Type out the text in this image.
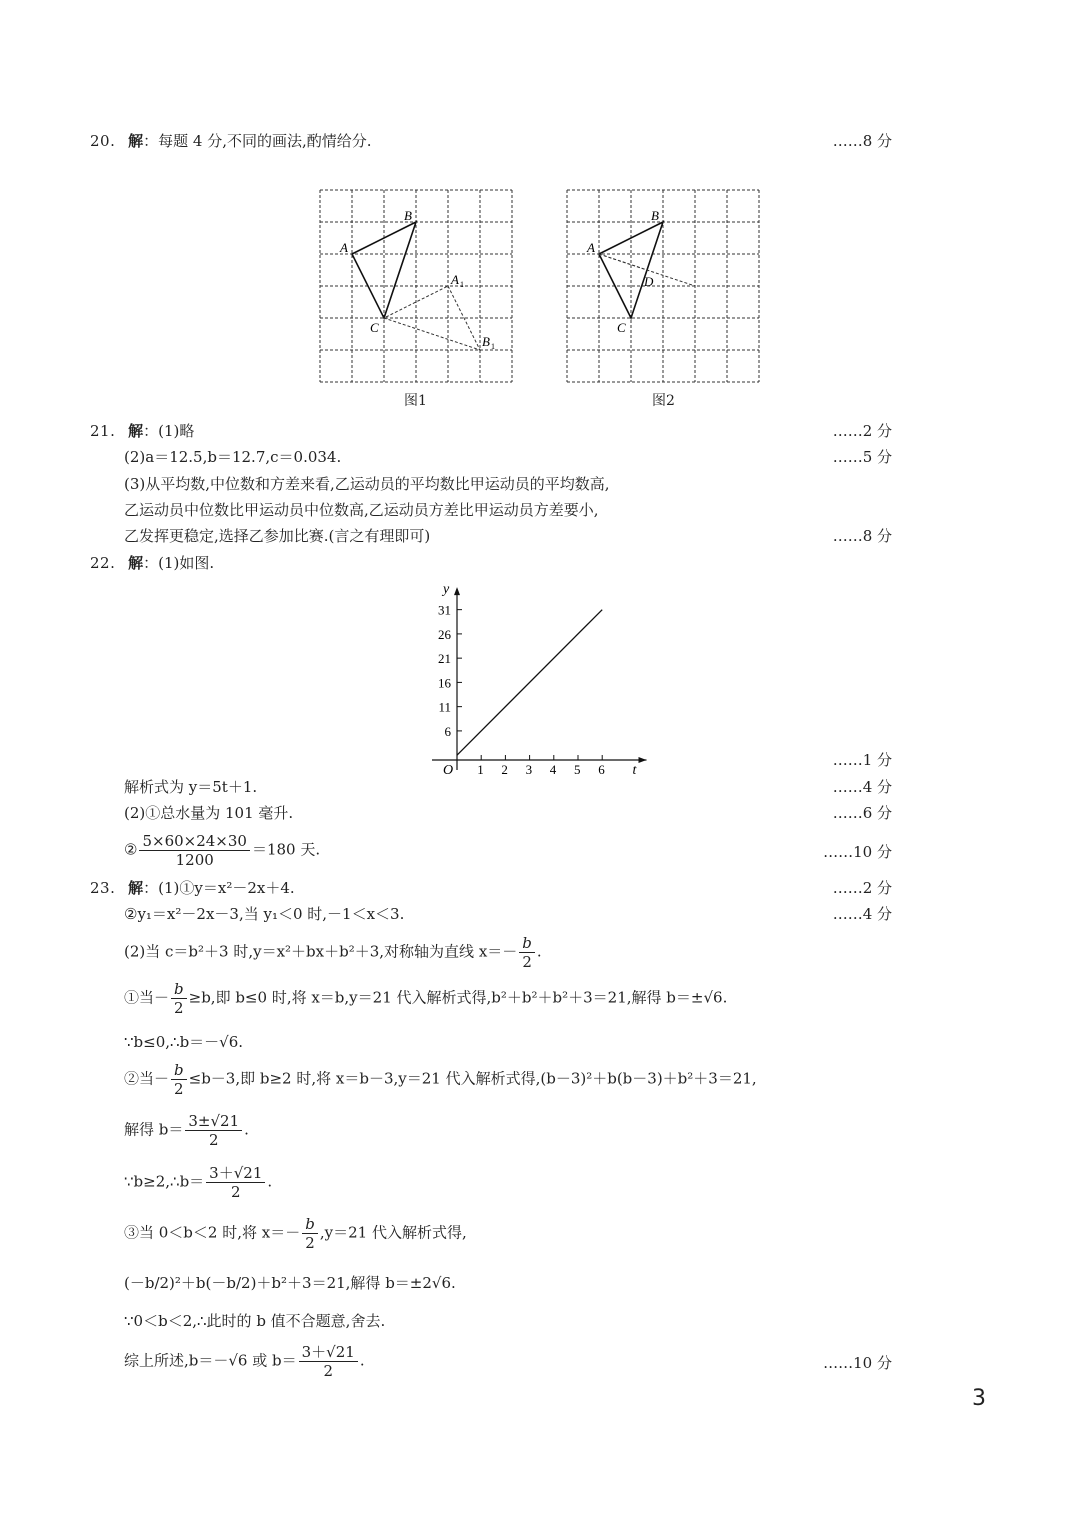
20. 解：每题 4 分,不同的画法,酌情给分.	……8 分
A
B
C
A 1
B 1
图1
A
B
C
D
图2
21. 解：(1)略	……2 分
(2)a＝12.5,b＝12.7,c＝0.034.	……5 分
(3)从平均数,中位数和方差来看,乙运动员的平均数比甲运动员的平均数高,
乙运动员中位数比甲运动员中位数高,乙运动员方差比甲运动员方差要小,
乙发挥更稳定,选择乙参加比赛.(言之有理即可)	……8 分
22. 解：(1)如图.
1 2 3 4 5 6
6
11
16
21
26
31
O	t
y
……1 分
解析式为 y＝5t＋1.	……4 分
(2)①总水量为 101 毫升.	……6 分
② $\frac{5\times 60\times 24\times 30}{1200} =180$ 天.	……10 分
23. 解：(1)①y＝x²－2x＋4.	……2 分
②y₁＝x²－2x－3,当 y₁＜0 时,－1＜x＜3.	……4 分
(2)当 c＝b²＋3 时,y＝x²＋bx＋b²＋3,对称轴为直线 $x=- \frac{b}{2}$ .
①当－ $\frac{b}{2} \ge b$,即 b≤0 时,将 x＝b,y＝21 代入解析式得,b²＋b²＋b²＋3＝21,解得 b＝±√6.
∵b≤0,∴b＝－√6.
②当－ $\frac{b}{2} \le b-3$,即 b≥2 时,将 x＝b－3,y＝21 代入解析式得,(b－3)²＋b(b－3)＋b²＋3＝21,
解得 $b= \frac{3\pm√21}{2}$ .
∵b≥2,∴b＝ $\frac{3+√21}{2}$ .
③当 0＜b＜2 时,将 $x=- \frac{b}{2} ,y=21$ 代入解析式得,
(－b/2)²＋b(－b/2)＋b²＋3＝21,解得 b＝±2√6.
∵0＜b＜2,∴此时的 b 值不合题意,舍去.
综上所述,b＝－√6 或 $b= \frac{3+√21}{2}$ .	……10 分
3
